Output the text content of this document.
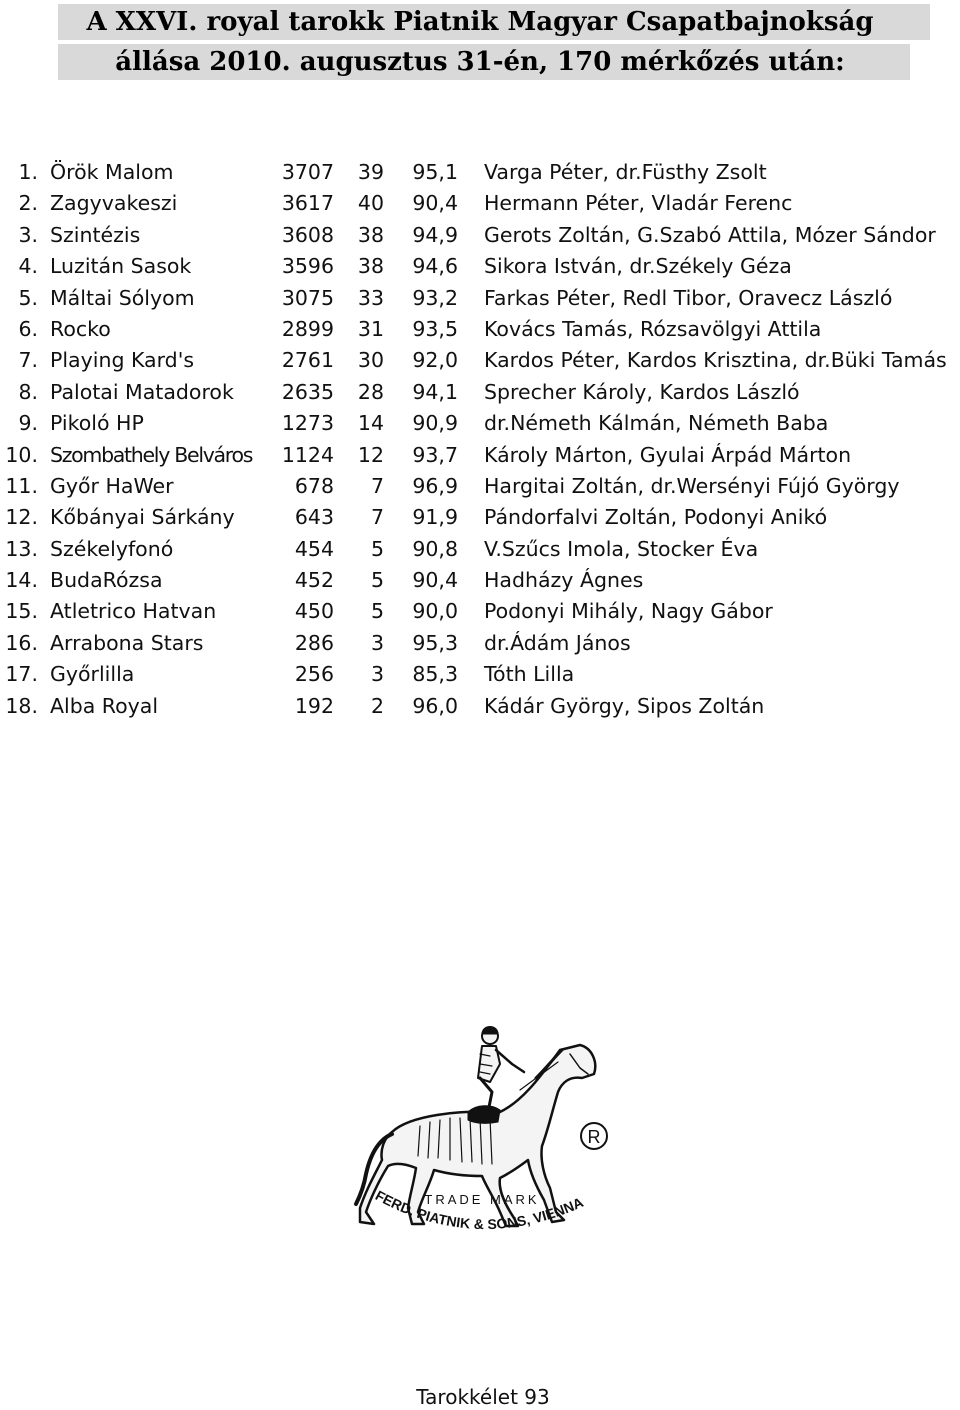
A XXVI. royal tarokk Piatnik Magyar Csapatbajnokság
állása 2010. augusztus 31-én, 170 mérkőzés után:
1. Örök Malom	3707	39	95,1 Varga Péter, dr.Füsthy Zsolt
2. Zagyvakeszi	3617	40	90,4 Hermann Péter, Vladár Ferenc
3. Szintézis	3608	38	94,9 Gerots Zoltán, G.Szabó Attila, Mózer Sándor
4. Luzitán Sasok	3596	38	94,6 Sikora István, dr.Székely Géza
5. Máltai Sólyom	3075	33	93,2 Farkas Péter, Redl Tibor, Oravecz László
6. Rocko	2899	31	93,5 Kovács Tamás, Rózsavölgyi Attila
7. Playing Kard's	2761	30	92,0 Kardos Péter, Kardos Krisztina, dr.Büki Tamás
8. Palotai Matadorok	2635	28	94,1 Sprecher Károly, Kardos László
9. Pikoló HP	1273	14	90,9 dr.Németh Kálmán, Németh Baba
10. Szombathely Belváros	1124	12	93,7 Károly Márton, Gyulai Árpád Márton
11. Győr HaWer	678	7	96,9 Hargitai Zoltán, dr.Wersényi Fújó György
12. Kőbányai Sárkány	643	7	91,9 Pándorfalvi Zoltán, Podonyi Anikó
13. Székelyfonó	454	5	90,8 V.Szűcs Imola, Stocker Éva
14. BudaRózsa	452	5	90,4 Hadházy Ágnes
15. Atletrico Hatvan	450	5	90,0 Podonyi Mihály, Nagy Gábor
16. Arrabona Stars	286	3	95,3 dr.Ádám János
17. Győrlilla	256	3	85,3 Tóth Lilla
18. Alba Royal	192	2	96,0 Kádár György, Sipos Zoltán
R
TRADE MARK
FERD. PIATNIK & SONS, VIENNA
Tarokkélet 93
